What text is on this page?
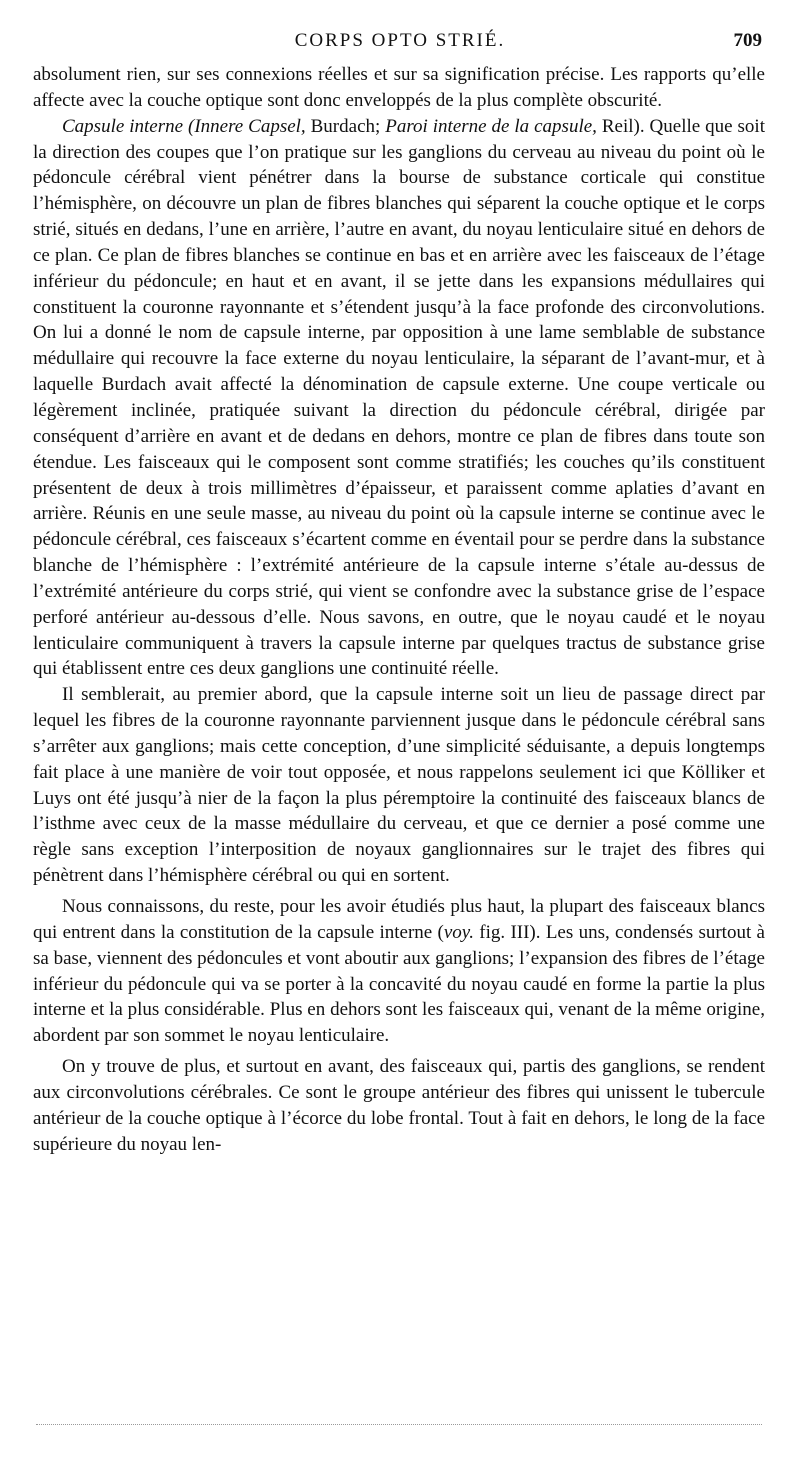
CORPS OPTO STRIÉ.	709

absolument rien, sur ses connexions réelles et sur sa signification précise. Les rapports qu’elle affecte avec la couche optique sont donc enveloppés de la plus complète obscurité.

Capsule interne (Innere Capsel, Burdach; Paroi interne de la capsule, Reil). Quelle que soit la direction des coupes que l’on pratique sur les ganglions du cerveau au niveau du point où le pédoncule cérébral vient pénétrer dans la bourse de substance corticale qui constitue l’hémisphère, on découvre un plan de fibres blanches qui séparent la couche optique et le corps strié, situés en dedans, l’une en arrière, l’autre en avant, du noyau lenticulaire situé en dehors de ce plan. Ce plan de fibres blanches se continue en bas et en arrière avec les faisceaux de l’étage inférieur du pédoncule; en haut et en avant, il se jette dans les expansions médullaires qui constituent la couronne rayonnante et s’étendent jusqu’à la face profonde des circonvolutions. On lui a donné le nom de capsule interne, par opposition à une lame semblable de substance médullaire qui recouvre la face externe du noyau lenticulaire, la séparant de l’avant-mur, et à laquelle Burdach avait affecté la dénomination de capsule externe. Une coupe verticale ou légèrement inclinée, pratiquée suivant la direction du pédoncule cérébral, dirigée par conséquent d’arrière en avant et de dedans en dehors, montre ce plan de fibres dans toute son étendue. Les faisceaux qui le composent sont comme stratifiés; les couches qu’ils constituent présentent de deux à trois millimètres d’épaisseur, et paraissent comme aplaties d’avant en arrière. Réunis en une seule masse, au niveau du point où la capsule interne se continue avec le pédoncule cérébral, ces faisceaux s’écartent comme en éventail pour se perdre dans la substance blanche de l’hémisphère : l’extrémité antérieure de la capsule interne s’étale au-dessus de l’extrémité antérieure du corps strié, qui vient se confondre avec la substance grise de l’espace perforé antérieur au-dessous d’elle. Nous savons, en outre, que le noyau caudé et le noyau lenticulaire communiquent à travers la capsule interne par quelques tractus de substance grise qui établissent entre ces deux ganglions une continuité réelle.

Il semblerait, au premier abord, que la capsule interne soit un lieu de passage direct par lequel les fibres de la couronne rayonnante parviennent jusque dans le pédoncule cérébral sans s’arrêter aux ganglions; mais cette conception, d’une simplicité séduisante, a depuis longtemps fait place à une manière de voir tout opposée, et nous rappelons seulement ici que Kölliker et Luys ont été jusqu’à nier de la façon la plus péremptoire la continuité des faisceaux blancs de l’isthme avec ceux de la masse médullaire du cerveau, et que ce dernier a posé comme une règle sans exception l’interposition de noyaux ganglionnaires sur le trajet des fibres qui pénètrent dans l’hémisphère cérébral ou qui en sortent.

Nous connaissons, du reste, pour les avoir étudiés plus haut, la plupart des faisceaux blancs qui entrent dans la constitution de la capsule interne (voy. fig. III). Les uns, condensés surtout à sa base, viennent des pédoncules et vont aboutir aux ganglions; l’expansion des fibres de l’étage inférieur du pédoncule qui va se porter à la concavité du noyau caudé en forme la partie la plus interne et la plus considérable. Plus en dehors sont les faisceaux qui, venant de la même origine, abordent par son sommet le noyau lenticulaire.

On y trouve de plus, et surtout en avant, des faisceaux qui, partis des ganglions, se rendent aux circonvolutions cérébrales. Ce sont le groupe antérieur des fibres qui unissent le tubercule antérieur de la couche optique à l’écorce du lobe frontal. Tout à fait en dehors, le long de la face supérieure du noyau len-
